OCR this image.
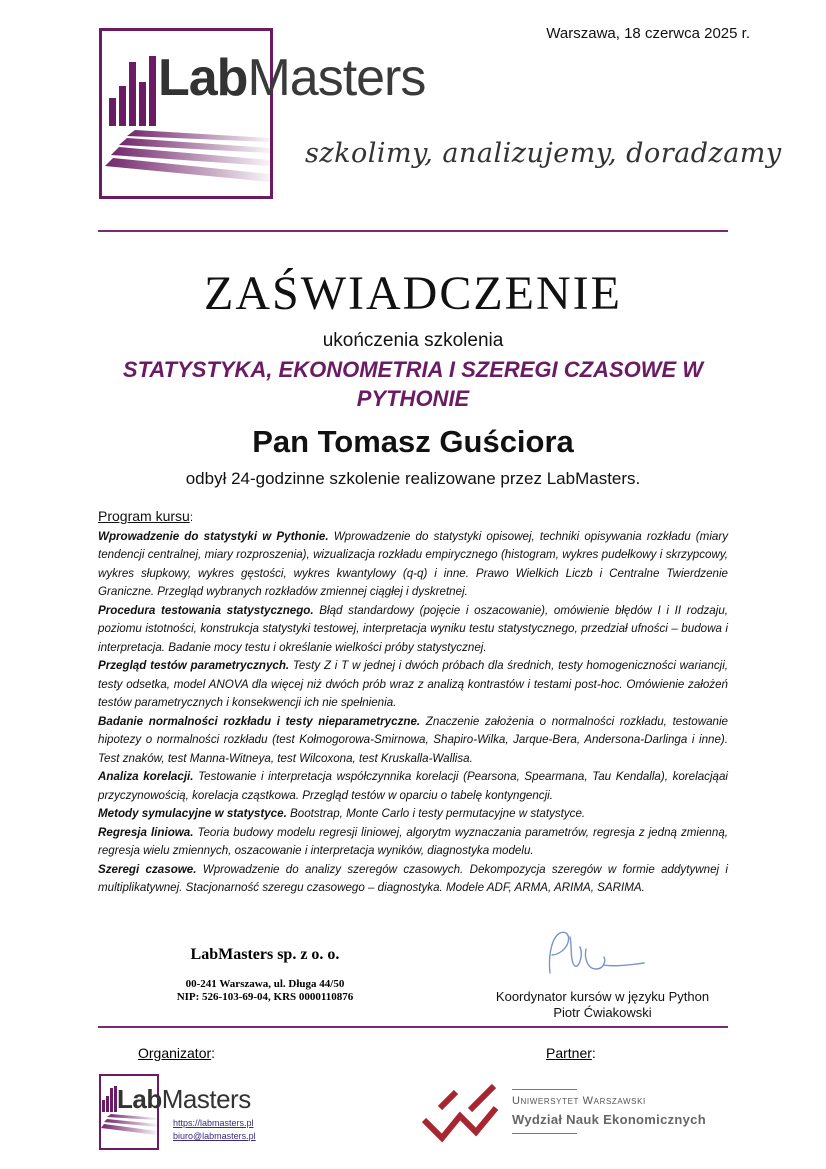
Warszawa, 18 czerwca 2025 r.
LabMasters
szkolimy, analizujemy, doradzamy
ZAŚWIADCZENIE
ukończenia szkolenia
STATYSTYKA, EKONOMETRIA I SZEREGI CZASOWE W PYTHONIE
Pan Tomasz Guściora
odbył 24-godzinne szkolenie realizowane przez LabMasters.
Program kursu:
Wprowadzenie do statystyki w Pythonie. Wprowadzenie do statystyki opisowej, techniki opisywania rozkładu (miary tendencji centralnej, miary rozproszenia), wizualizacja rozkładu empirycznego (histogram, wykres pudełkowy i skrzypcowy, wykres słupkowy, wykres gęstości, wykres kwantylowy (q-q) i inne. Prawo Wielkich Liczb i Centralne Twierdzenie Graniczne. Przegląd wybranych rozkładów zmiennej ciągłej i dyskretnej.
Procedura testowania statystycznego. Błąd standardowy (pojęcie i oszacowanie), omówienie błędów I i II rodzaju, poziomu istotności, konstrukcja statystyki testowej, interpretacja wyniku testu statystycznego, przedział ufności – budowa i interpretacja. Badanie mocy testu i określanie wielkości próby statystycznej.
Przegląd testów parametrycznych. Testy Z i T w jednej i dwóch próbach dla średnich, testy homogeniczności wariancji, testy odsetka, model ANOVA dla więcej niż dwóch prób wraz z analizą kontrastów i testami post-hoc. Omówienie założeń testów parametrycznych i konsekwencji ich nie spełnienia.
Badanie normalności rozkładu i testy nieparametryczne. Znaczenie założenia o normalności rozkładu, testowanie hipotezy o normalności rozkładu (test Kołmogorowa-Smirnowa, Shapiro-Wilka, Jarque-Bera, Andersona-Darlinga i inne). Test znaków, test Manna-Witneya, test Wilcoxona, test Kruskalla-Wallisa.
Analiza korelacji. Testowanie i interpretacja współczynnika korelacji (Pearsona, Spearmana, Tau Kendalla), korelacjąai przyczynowością, korelacja cząstkowa. Przegląd testów w oparciu o tabelę kontyngencji.
Metody symulacyjne w statystyce. Bootstrap, Monte Carlo i testy permutacyjne w statystyce.
Regresja liniowa. Teoria budowy modelu regresji liniowej, algorytm wyznaczania parametrów, regresja z jedną zmienną, regresja wielu zmiennych, oszacowanie i interpretacja wyników, diagnostyka modelu.
Szeregi czasowe. Wprowadzenie do analizy szeregów czasowych. Dekompozycja szeregów w formie addytywnej i multiplikatywnej. Stacjonarność szeregu czasowego – diagnostyka. Modele ADF, ARMA, ARIMA, SARIMA.
LabMasters sp. z o. o.
00-241 Warszawa, ul. Długa 44/50
NIP: 526-103-69-04, KRS 0000110876	Koordynator kursów w języku Python
Piotr Ćwiakowski
Organizator:	Partner:
LabMasters
https://labmasters.pl
biuro@labmasters.pl
Uniwersytet Warszawski
Wydział Nauk Ekonomicznych
